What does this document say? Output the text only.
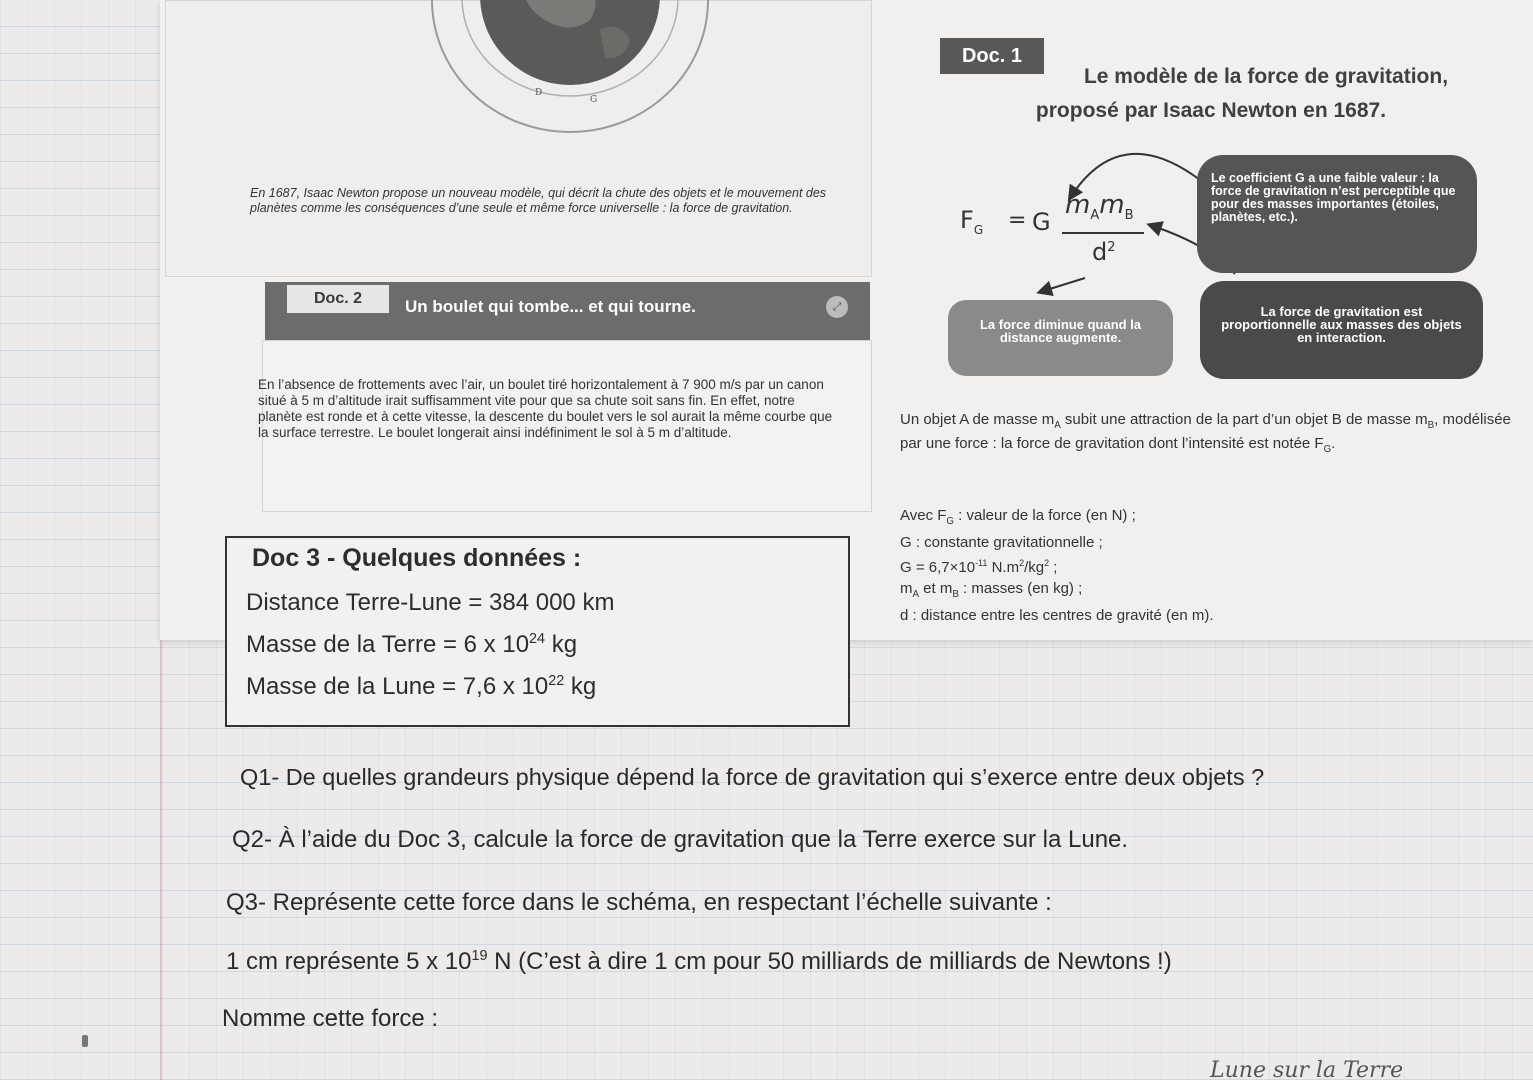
D
G
En 1687, Isaac Newton propose un nouveau modèle, qui décrit la chute des objets et le mouvement des planètes comme les conséquences d’une seule et même force universelle : la force de gravitation.
Doc. 2	Un boulet qui tombe... et qui tourne.	⤢
En l’absence de frottements avec l’air, un boulet tiré horizontalement à 7 900 m/s par un canon situé à 5 m d’altitude irait suffisamment vite pour que sa chute soit sans fin. En effet, notre planète est ronde et à cette vitesse, la descente du boulet vers le sol aurait la même courbe que la surface terrestre. Le boulet longerait ainsi indéfiniment le sol à 5 m d’altitude.
Doc. 1
Le modèle de la force de gravitation,
proposé par Isaac Newton en 1687.
$F_G = G$
$m_Am_B$
$d^2$
Le coefficient G a une faible valeur : la force de gravitation n’est perceptible que pour des masses importantes (étoiles, planètes, etc.).
La force diminue quand la distance augmente.
La force de gravitation est proportionnelle aux masses des objets en interaction.
Un objet A de masse $m_A$ subit une attraction de la part d’un objet B de masse $m_B$, modélisée par une force : la force de gravitation dont l’intensité est notée $F_G$.
Avec $F_G$ : valeur de la force (en N) ;
G : constante gravitationnelle ;
$G = 6,7\times 10^{-11}$ $N.m^2/kg^2$ ;
$m_A$ et $m_B$ : masses (en kg) ;
d : distance entre les centres de gravité (en m).
Doc 3 - Quelques données :
Distance Terre-Lune = 384 000 km
Masse de la Terre = 6 x $10^{24}$ kg
Masse de la Lune = 7,6 x $10^{22}$ kg
Q1- De quelles grandeurs physique dépend la force de gravitation qui s’exerce entre deux objets ?
Q2- À l’aide du Doc 3, calcule la force de gravitation que la Terre exerce sur la Lune.
Q3- Représente cette force dans le schéma, en respectant l’échelle suivante :
1 cm représente 5 x $10^{19}$ N (C’est à dire 1 cm pour 50 milliards de milliards de Newtons !)
Nomme cette force :
Lune sur la Terre
